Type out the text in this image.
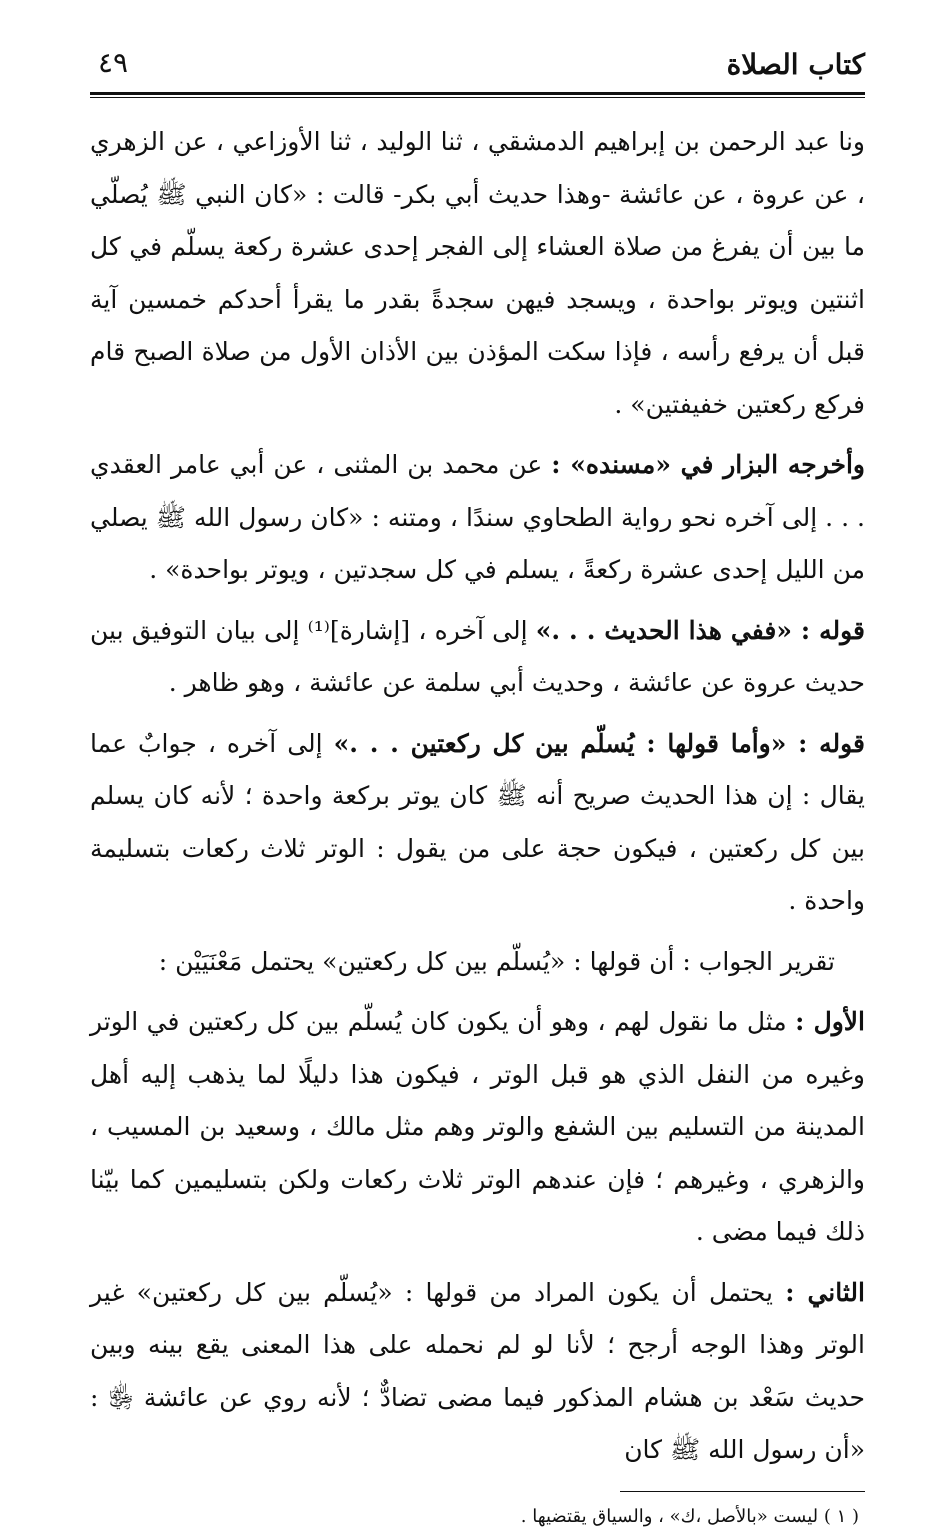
كتاب الصلاة
٤٩

ونا عبد الرحمن بن إبراهيم الدمشقي ، ثنا الوليد ، ثنا الأوزاعي ، عن الزهري ، عن عروة ، عن عائشة -وهذا حديث أبي بكر- قالت : «كان النبي ﷺ يُصلّي ما بين أن يفرغ من صلاة العشاء إلى الفجر إحدى عشرة ركعة يسلّم في كل اثنتين ويوتر بواحدة ، ويسجد فيهن سجدةً بقدر ما يقرأ أحدكم خمسين آية قبل أن يرفع رأسه ، فإذا سكت المؤذن بين الأذان الأول من صلاة الصبح قام فركع ركعتين خفيفتين» .

وأخرجه البزار في «مسنده» : عن محمد بن المثنى ، عن أبي عامر العقدي . . . إلى آخره نحو رواية الطحاوي سندًا ، ومتنه : «كان رسول الله ﷺ يصلي من الليل إحدى عشرة ركعةً ، يسلم في كل سجدتين ، ويوتر بواحدة» .

قوله : «ففي هذا الحديث . . .» إلى آخره ، [إشارة]⁽¹⁾ إلى بيان التوفيق بين حديث عروة عن عائشة ، وحديث أبي سلمة عن عائشة ، وهو ظاهر .

قوله : «وأما قولها : يُسلّم بين كل ركعتين . . .» إلى آخره ، جوابٌ عما يقال : إن هذا الحديث صريح أنه ﷺ كان يوتر بركعة واحدة ؛ لأنه كان يسلم بين كل ركعتين ، فيكون حجة على من يقول : الوتر ثلاث ركعات بتسليمة واحدة .

تقرير الجواب : أن قولها : «يُسلّم بين كل ركعتين» يحتمل مَعْنَيَيْن :

الأول : مثل ما نقول لهم ، وهو أن يكون كان يُسلّم بين كل ركعتين في الوتر وغيره من النفل الذي هو قبل الوتر ، فيكون هذا دليلًا لما يذهب إليه أهل المدينة من التسليم بين الشفع والوتر وهم مثل مالك ، وسعيد بن المسيب ، والزهري ، وغيرهم ؛ فإن عندهم الوتر ثلاث ركعات ولكن بتسليمين كما بيّنا ذلك فيما مضى .

الثاني : يحتمل أن يكون المراد من قولها : «يُسلّم بين كل ركعتين» غير الوتر وهذا الوجه أرجح ؛ لأنا لو لم نحمله على هذا المعنى يقع بينه وبين حديث سَعْد بن هشام المذكور فيما مضى تضادٌّ ؛ لأنه روي عن عائشة ﵂ : «أن رسول الله ﷺ كان

( ١ ) ليست «بالأصل ،ك» ، والسياق يقتضيها .
